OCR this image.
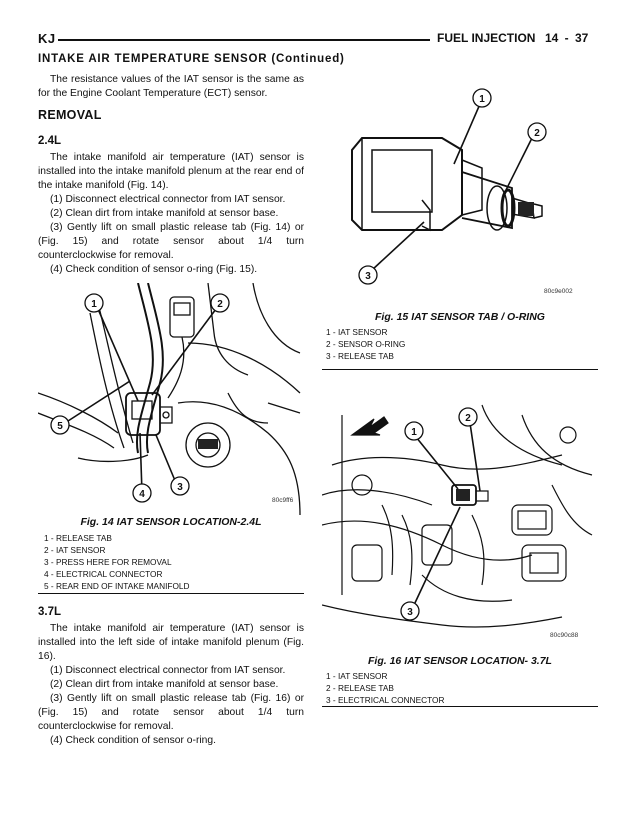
KJ	FUEL INJECTION 14 - 37
INTAKE AIR TEMPERATURE SENSOR (Continued)

The resistance values of the IAT sensor is the same as for the Engine Coolant Temperature (ECT) sensor.

REMOVAL
2.4L

The intake manifold air temperature (IAT) sensor is installed into the intake manifold plenum at the rear end of the intake manifold (Fig. 14).

(1) Disconnect electrical connector from IAT sensor.

(2) Clean dirt from intake manifold at sensor base.

(3) Gently lift on small plastic release tab (Fig. 14) or (Fig. 15) and rotate sensor about 1/4 turn counterclockwise for removal.

(4) Check condition of sensor o-ring (Fig. 15).

1	2
3
4
5
80c9ff6
Fig. 14 IAT SENSOR LOCATION-2.4L
1 - RELEASE TAB
2 - IAT SENSOR
3 - PRESS HERE FOR REMOVAL
4 - ELECTRICAL CONNECTOR
5 - REAR END OF INTAKE MANIFOLD
3.7L

The intake manifold air temperature (IAT) sensor is installed into the left side of intake manifold plenum (Fig. 16).

(1) Disconnect electrical connector from IAT sensor.

(2) Clean dirt from intake manifold at sensor base.

(3) Gently lift on small plastic release tab (Fig. 16) or (Fig. 15) and rotate sensor about 1/4 turn counterclockwise for removal.

(4) Check condition of sensor o-ring.

1
2
3
80c9e002
Fig. 15 IAT SENSOR TAB / O-RING
1 - IAT SENSOR
2 - SENSOR O-RING
3 - RELEASE TAB
1
2
3
80c90c88
Fig. 16 IAT SENSOR LOCATION- 3.7L
1 - IAT SENSOR
2 - RELEASE TAB
3 - ELECTRICAL CONNECTOR
